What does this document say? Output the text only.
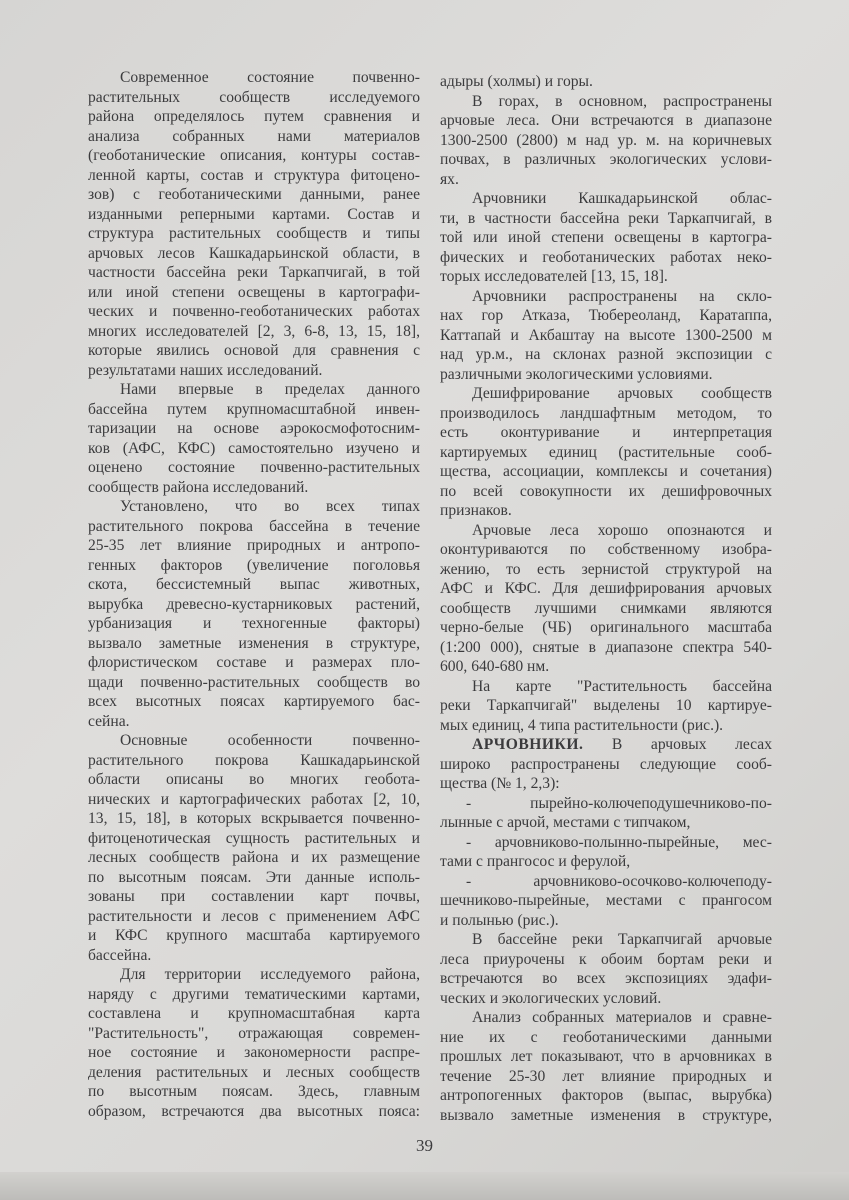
Современное состояние почвенно-
растительных сообществ исследуемого
района определялось путем сравнения и
анализа собранных нами материалов
(геоботанические описания, контуры состав-
ленной карты, состав и структура фитоцено-
зов) с геоботаническими данными, ранее
изданными реперными картами. Состав и
структура растительных сообществ и типы
арчовых лесов Кашкадарьинской области, в
частности бассейна реки Таркапчигай, в той
или иной степени освещены в картографи-
ческих и почвенно-геоботанических работах
многих исследователей [2, 3, 6-8, 13, 15, 18],
которые явились основой для сравнения с
результатами наших исследований.
Нами впервые в пределах данного
бассейна путем крупномасштабной инвен-
таризации на основе аэрокосмофотосним-
ков (АФС, КФС) самостоятельно изучено и
оценено состояние почвенно-растительных
сообществ района исследований.
Установлено, что во всех типах
растительного покрова бассейна в течение
25-35 лет влияние природных и антропо-
генных факторов (увеличение поголовья
скота, бессистемный выпас животных,
вырубка древесно-кустарниковых растений,
урбанизация и техногенные факторы)
вызвало заметные изменения в структуре,
флористическом составе и размерах пло-
щади почвенно-растительных сообществ во
всех высотных поясах картируемого бас-
сейна.
Основные особенности почвенно-
растительного покрова Кашкадарьинской
области описаны во многих геобота-
нических и картографических работах [2, 10,
13, 15, 18], в которых вскрывается почвенно-
фитоценотическая сущность растительных и
лесных сообществ района и их размещение
по высотным поясам. Эти данные исполь-
зованы при составлении карт почвы,
растительности и лесов с применением АФС
и КФС крупного масштаба картируемого
бассейна.
Для территории исследуемого района,
наряду с другими тематическими картами,
составлена и крупномасштабная карта
"Растительность", отражающая современ-
ное состояние и закономерности распре-
деления растительных и лесных сообществ
по высотным поясам. Здесь, главным
образом, встречаются два высотных пояса:
адыры (холмы) и горы.
В горах, в основном, распространены
арчовые леса. Они встречаются в диапазоне
1300-2500 (2800) м над ур. м. на коричневых
почвах, в различных экологических услови-
ях.
Арчовники Кашкадарьинской облас-
ти, в частности бассейна реки Таркапчигай, в
той или иной степени освещены в картогра-
фических и геоботанических работах неко-
торых исследователей [13, 15, 18].
Арчовники распространены на скло-
нах гор Атказа, Тюбереоланд, Каратаппа,
Каттапай и Акбаштау на высоте 1300-2500 м
над ур.м., на склонах разной экспозиции с
различными экологическими условиями.
Дешифрирование арчовых сообществ
производилось ландшафтным методом, то
есть оконтуривание и интерпретация
картируемых единиц (растительные сооб-
щества, ассоциации, комплексы и сочетания)
по всей совокупности их дешифровочных
признаков.
Арчовые леса хорошо опознаются и
оконтуриваются по собственному изобра-
жению, то есть зернистой структурой на
АФС и КФС. Для дешифрирования арчовых
сообществ лучшими снимками являются
черно-белые (ЧБ) оригинального масштаба
(1:200 000), снятые в диапазоне спектра 540-
600, 640-680 нм.
На карте "Растительность бассейна
реки Таркапчигай" выделены 10 картируе-
мых единиц, 4 типа растительности (рис.).
АРЧОВНИКИ. В арчовых лесах
широко распространены следующие сооб-
щества (№ 1, 2,3):
- пырейно-колючеподушечниково-по-
лынные с арчой, местами с типчаком,
- арчовниково-полынно-пырейные, мес-
тами с прангосос и ферулой,
- арчовниково-осочково-колючеподу-
шечниково-пырейные, местами с прангосом
и полынью (рис.).
В бассейне реки Таркапчигай арчовые
леса приурочены к обоим бортам реки и
встречаются во всех экспозициях эдафи-
ческих и экологических условий.
Анализ собранных материалов и сравне-
ние их с геоботаническими данными
прошлых лет показывают, что в арчовниках в
течение 25-30 лет влияние природных и
антропогенных факторов (выпас, вырубка)
вызвало заметные изменения в структуре,
39
